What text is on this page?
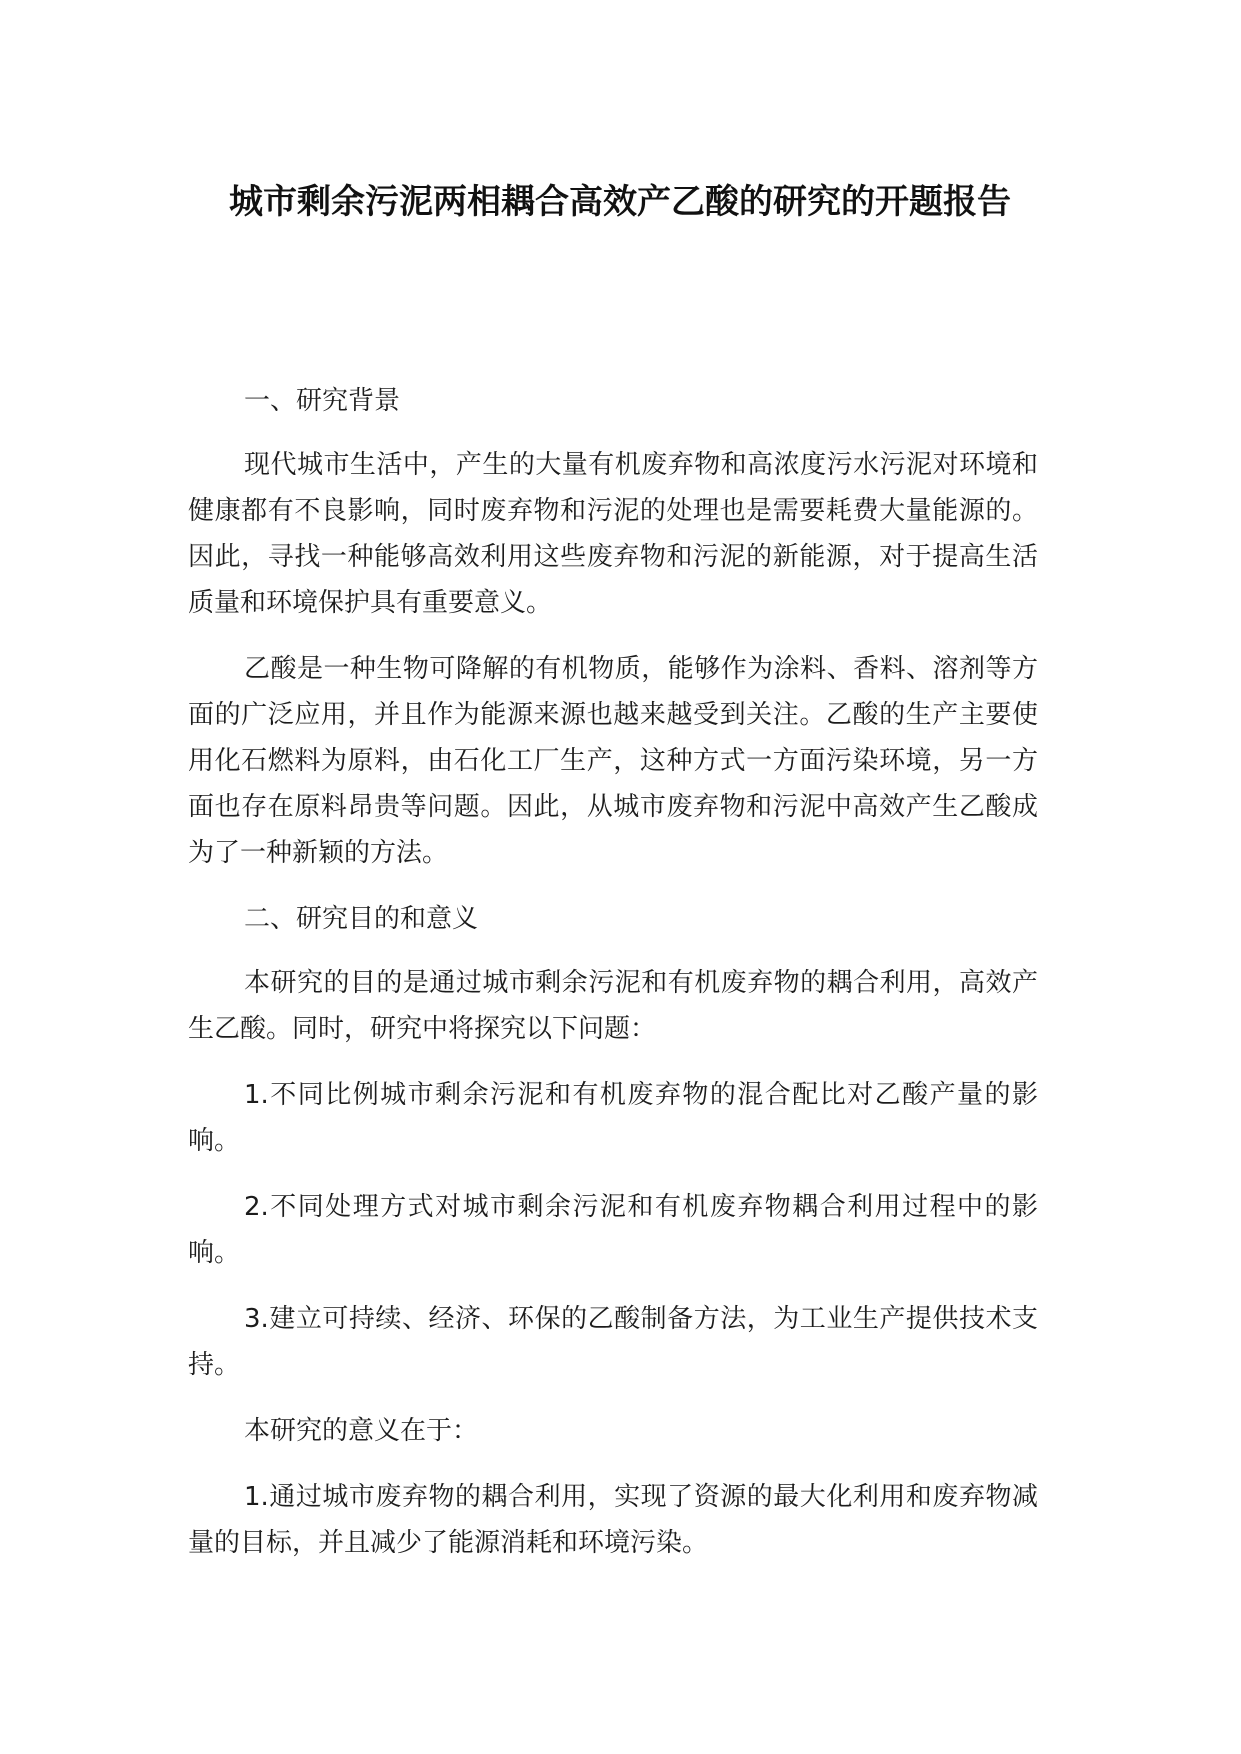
城市剩余污泥两相耦合高效产乙酸的研究的开题报告

一、研究背景

现代城市生活中，产生的大量有机废弃物和高浓度污水污泥对环境和健康都有不良影响，同时废弃物和污泥的处理也是需要耗费大量能源的。因此，寻找一种能够高效利用这些废弃物和污泥的新能源，对于提高生活质量和环境保护具有重要意义。

乙酸是一种生物可降解的有机物质，能够作为涂料、香料、溶剂等方面的广泛应用，并且作为能源来源也越来越受到关注。乙酸的生产主要使用化石燃料为原料，由石化工厂生产，这种方式一方面污染环境，另一方面也存在原料昂贵等问题。因此，从城市废弃物和污泥中高效产生乙酸成为了一种新颖的方法。

二、研究目的和意义

本研究的目的是通过城市剩余污泥和有机废弃物的耦合利用，高效产生乙酸。同时，研究中将探究以下问题：

1.不同比例城市剩余污泥和有机废弃物的混合配比对乙酸产量的影响。

2.不同处理方式对城市剩余污泥和有机废弃物耦合利用过程中的影响。

3.建立可持续、经济、环保的乙酸制备方法，为工业生产提供技术支持。

本研究的意义在于：

1.通过城市废弃物的耦合利用，实现了资源的最大化利用和废弃物减量的目标，并且减少了能源消耗和环境污染。
